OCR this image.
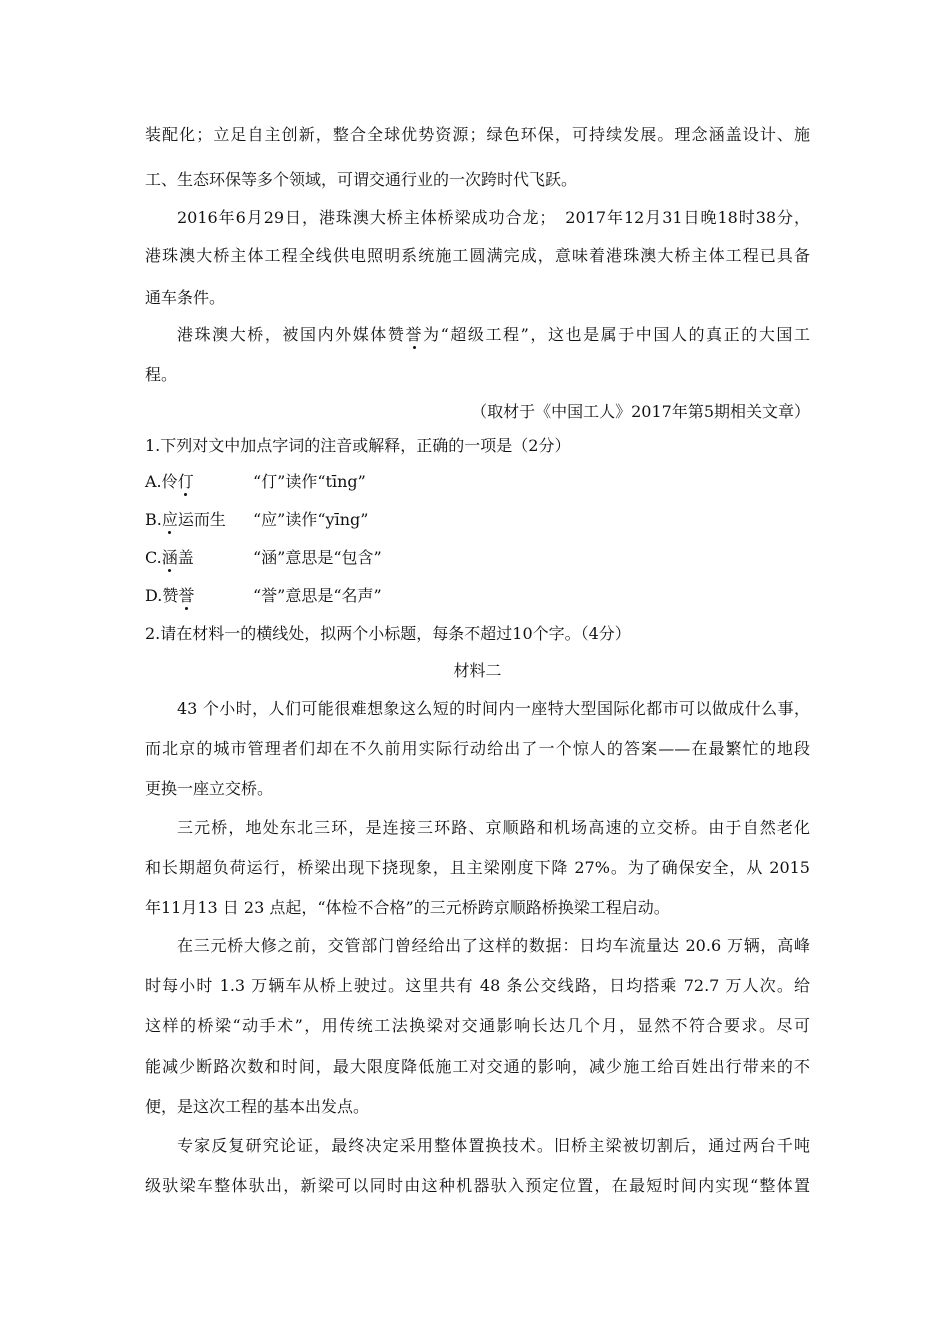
装配化；立足自主创新，整合全球优势资源；绿色环保，可持续发展。理念涵盖设计、施
工、生态环保等多个领域，可谓交通行业的一次跨时代飞跃。
2016年6月29日，港珠澳大桥主体桥梁成功合龙；　2017年12月31日晚18时38分，
港珠澳大桥主体工程全线供电照明系统施工圆满完成，意味着港珠澳大桥主体工程已具备
通车条件。
港珠澳大桥，被国内外媒体赞誉为“超级工程”，这也是属于中国人的真正的大国工
程。
（取材于《中国工人》2017年第5期相关文章）
1.下列对文中加点字词的注音或解释，正确的一项是（2分）
A.伶仃	“仃”读作“tīng”
B.应运而生 “应”读作“yīng”
C.涵盖	“涵”意思是“包含”
D.赞誉	“誉”意思是“名声”
2.请在材料一的横线处，拟两个小标题，每条不超过10个字。（4分）
材料二
43 个小时，人们可能很难想象这么短的时间内一座特大型国际化都市可以做成什么事，
而北京的城市管理者们却在不久前用实际行动给出了一个惊人的答案——在最繁忙的地段
更换一座立交桥。
三元桥，地处东北三环，是连接三环路、京顺路和机场高速的立交桥。由于自然老化
和长期超负荷运行，桥梁出现下挠现象，且主梁刚度下降 27%。为了确保安全，从 2015
年11月13 日 23 点起，“体检不合格”的三元桥跨京顺路桥换梁工程启动。
在三元桥大修之前，交管部门曾经给出了这样的数据：日均车流量达 20.6 万辆，高峰
时每小时 1.3 万辆车从桥上驶过。这里共有 48 条公交线路，日均搭乘 72.7 万人次。给
这样的桥梁“动手术”，用传统工法换梁对交通影响长达几个月，显然不符合要求。尽可
能减少断路次数和时间，最大限度降低施工对交通的影响，减少施工给百姓出行带来的不
便，是这次工程的基本出发点。
专家反复研究论证，最终决定采用整体置换技术。旧桥主梁被切割后，通过两台千吨
级驮梁车整体驮出，新梁可以同时由这种机器驮入预定位置，在最短时间内实现“整体置
